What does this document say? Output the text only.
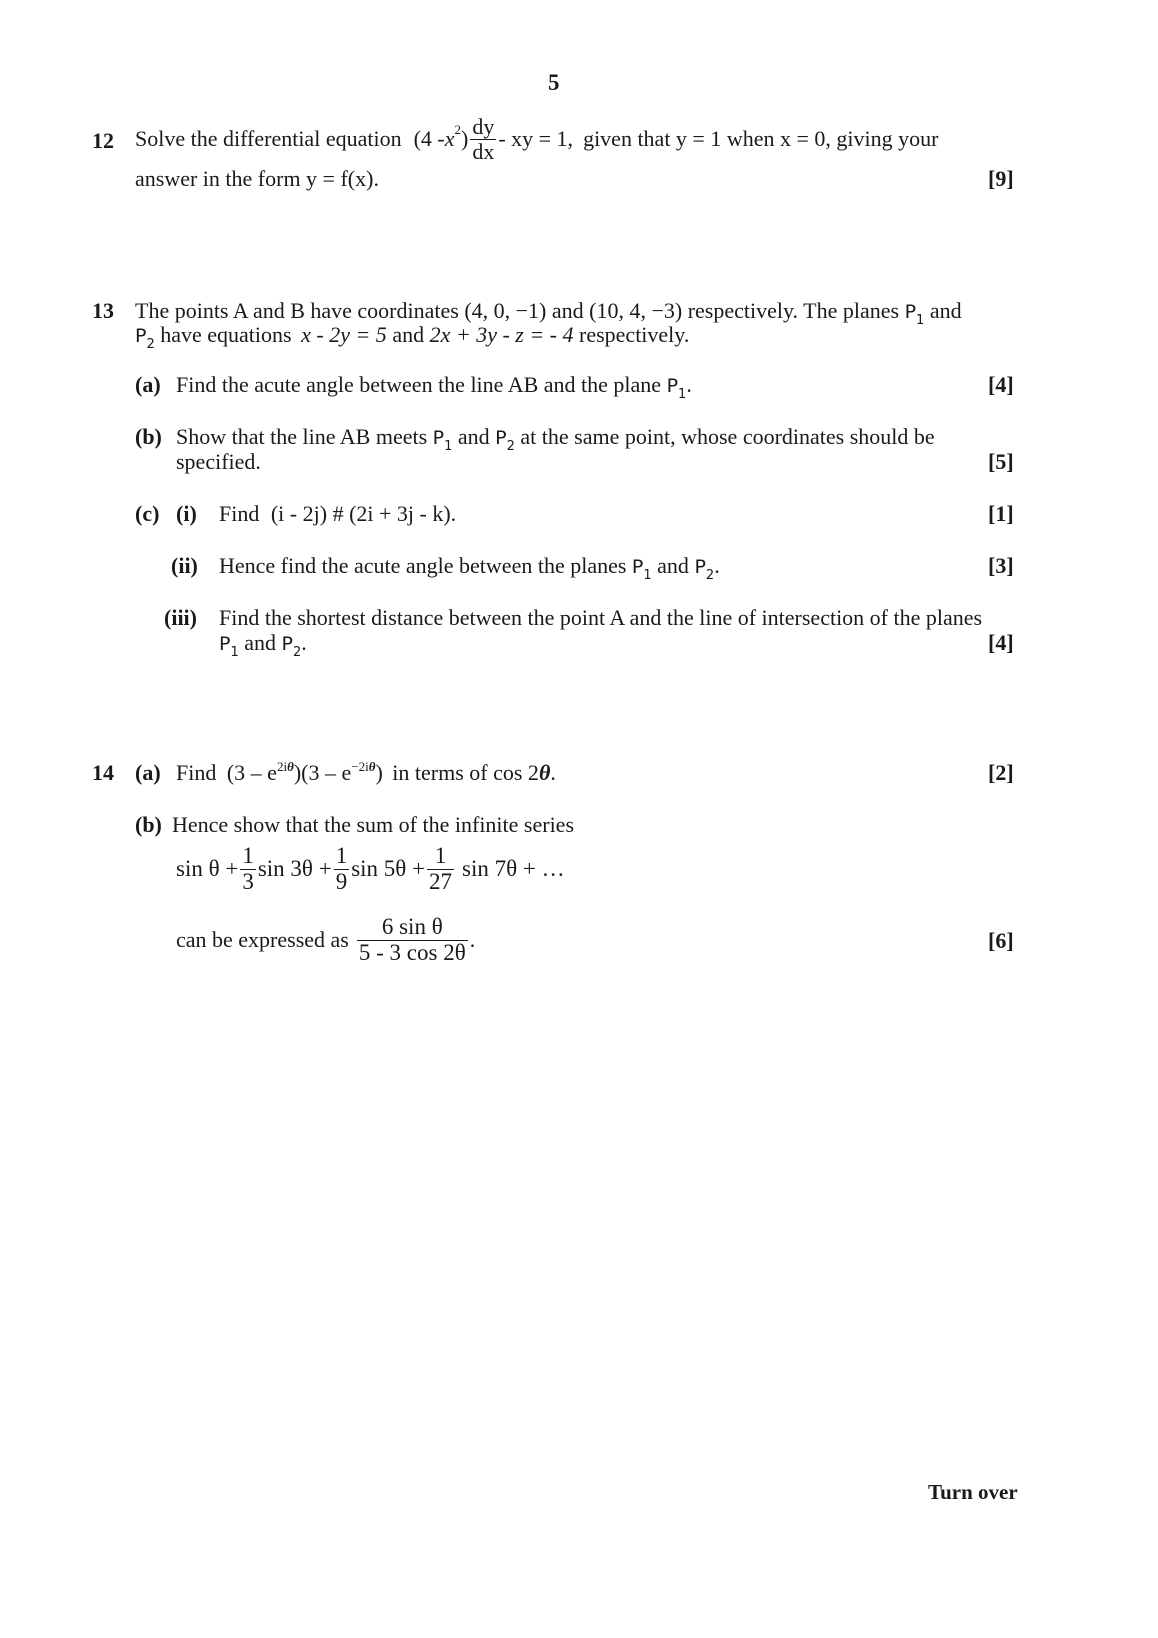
5
12 Solve the differential equation (4 - x 2 ) $\frac{dy}{dx}$ - xy = 1, given that y = 1 when x = 0, giving your
answer in the form y = f(x).	[9]
13 The points A and B have coordinates (4, 0, −1) and (10, 4, −3) respectively. The planes $P_1$ and
$P_2$ have equations x - 2y = 5 and 2x + 3y - z = - 4 respectively.
(a) Find the acute angle between the line AB and the plane $P_1$.	[4]
(b) Show that the line AB meets $P_1$ and $P_2$ at the same point, whose coordinates should be
specified.	[5]
(c) (i) Find (i - 2j) # (2i + 3j - k).	[1]
(ii) Hence find the acute angle between the planes $P_1$ and $P_2$.	[3]
(iii) Find the shortest distance between the point A and the line of intersection of the planes
$P_1$ and $P_2$.	[4]
14 (a) Find $(3 - e^{2i\theta})(3 - e^{-2i\theta})$ in terms of cos 2θ.	[2]
(b) Hence show that the sum of the infinite series
$\sin \theta + \frac{1}{3}$ $\sin 3\theta + \frac{1}{9}$ $\sin 5\theta + \frac{1}{27}$ sin 7θ + …
can be expressed as $\frac{\text{6 sin θ}}{5 - 3 \cos 2\theta}$ .	[6]
Turn over
